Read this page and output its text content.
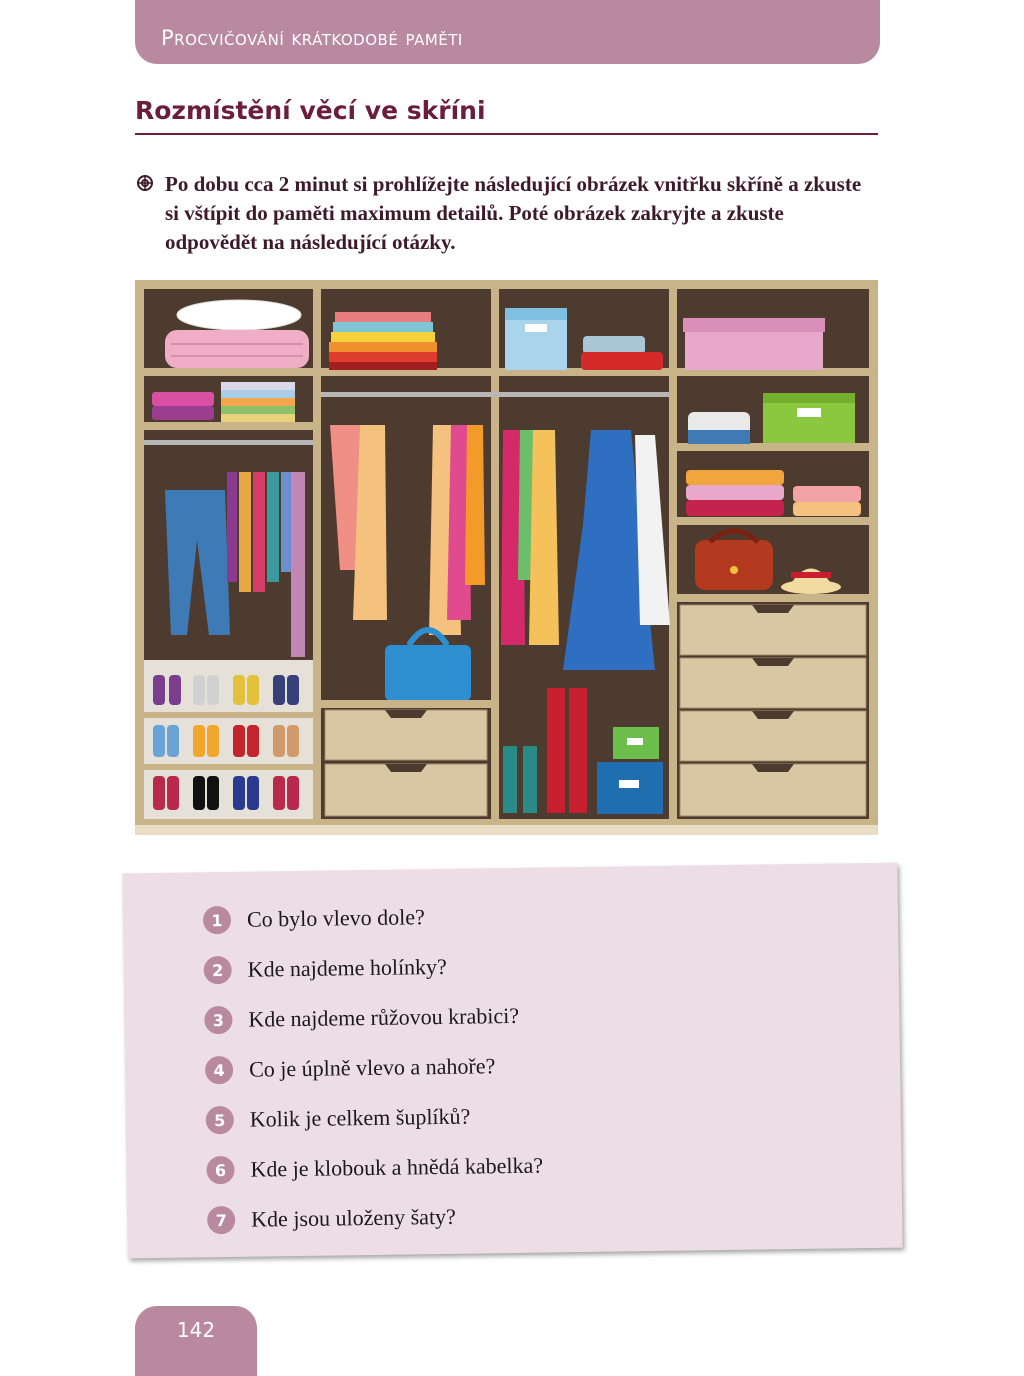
Procvičování krátkodobé paměti
Rozmístění věcí ve skříni
Po dobu cca 2 minut si prohlížejte následující obrázek vnitřku skříně a zkuste si vštípit do paměti maximum detailů. Poté obrázek zakryjte a zkuste odpovědět na následující otázky.
1	Co bylo vlevo dole?
2	Kde najdeme holínky?
3	Kde najdeme růžovou krabici?
4	Co je úplně vlevo a nahoře?
5	Kolik je celkem šuplíků?
6	Kde je klobouk a hnědá kabelka?
7	Kde jsou uloženy šaty?
142
